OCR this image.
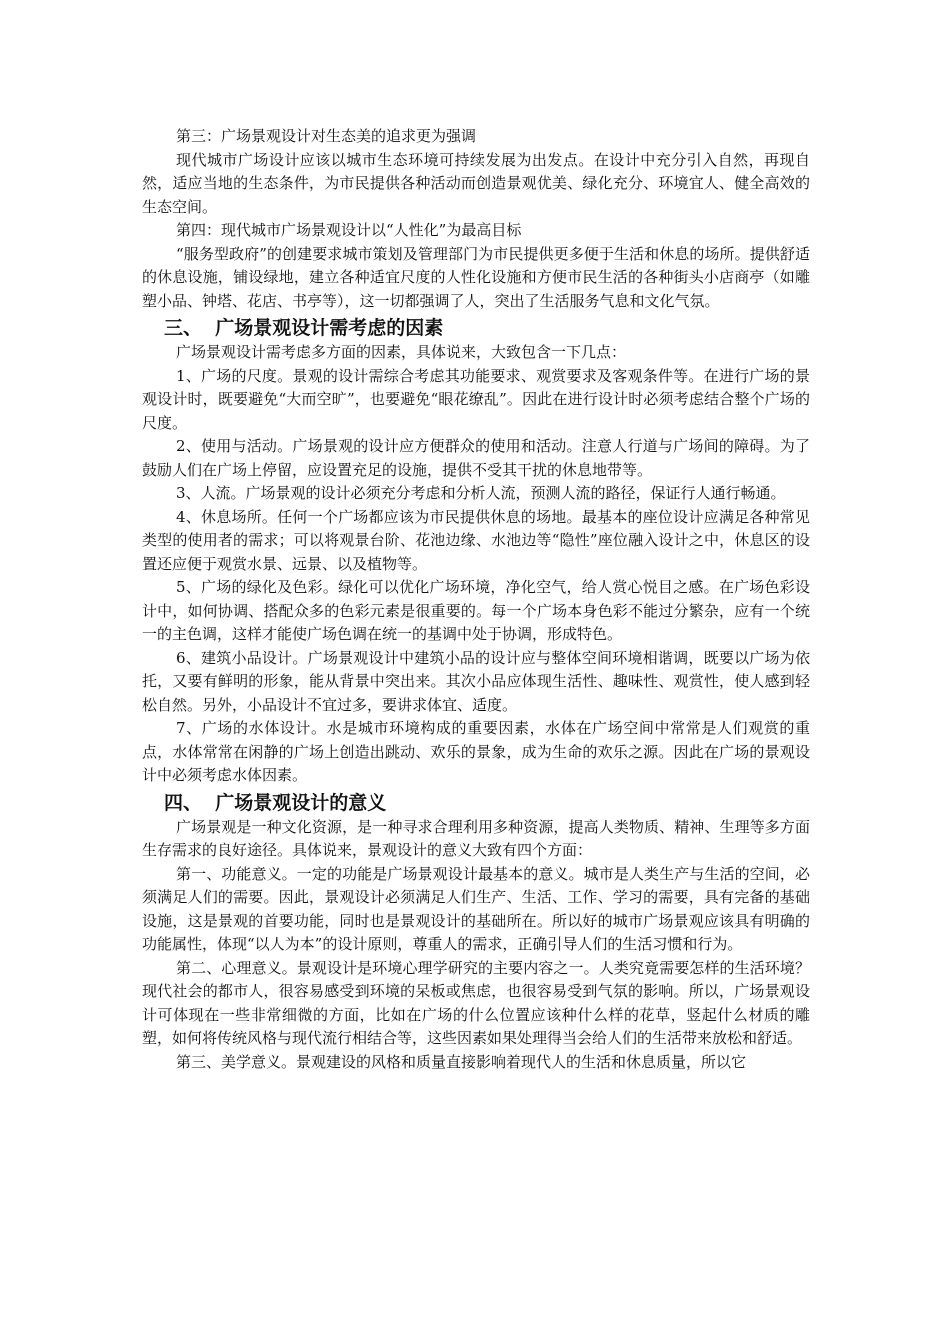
第三：广场景观设计对生态美的追求更为强调

现代城市广场设计应该以城市生态环境可持续发展为出发点。在设计中充分引入自然，再现自然，适应当地的生态条件，为市民提供各种活动而创造景观优美、绿化充分、环境宜人、健全高效的生态空间。

第四：现代城市广场景观设计以“人性化”为最高目标

“服务型政府”的创建要求城市策划及管理部门为市民提供更多便于生活和休息的场所。提供舒适的休息设施，铺设绿地，建立各种适宜尺度的人性化设施和方便市民生活的各种街头小店商亭（如雕塑小品、钟塔、花店、书亭等），这一切都强调了人，突出了生活服务气息和文化气氛。

三、  广场景观设计需考虑的因素

广场景观设计需考虑多方面的因素，具体说来，大致包含一下几点：

1、广场的尺度。景观的设计需综合考虑其功能要求、观赏要求及客观条件等。在进行广场的景观设计时，既要避免“大而空旷”，也要避免“眼花缭乱”。因此在进行设计时必须考虑结合整个广场的尺度。

2、使用与活动。广场景观的设计应方便群众的使用和活动。注意人行道与广场间的障碍。为了鼓励人们在广场上停留，应设置充足的设施，提供不受其干扰的休息地带等。

3、人流。广场景观的设计必须充分考虑和分析人流，预测人流的路径，保证行人通行畅通。

4、休息场所。任何一个广场都应该为市民提供休息的场地。最基本的座位设计应满足各种常见类型的使用者的需求；可以将观景台阶、花池边缘、水池边等“隐性”座位融入设计之中，休息区的设置还应便于观赏水景、远景、以及植物等。

5、广场的绿化及色彩。绿化可以优化广场环境，净化空气，给人赏心悦目之感。在广场色彩设计中，如何协调、搭配众多的色彩元素是很重要的。每一个广场本身色彩不能过分繁杂，应有一个统一的主色调，这样才能使广场色调在统一的基调中处于协调，形成特色。

6、建筑小品设计。广场景观设计中建筑小品的设计应与整体空间环境相谐调，既要以广场为依托，又要有鲜明的形象，能从背景中突出来。其次小品应体现生活性、趣味性、观赏性，使人感到轻松自然。另外，小品设计不宜过多，要讲求体宜、适度。

7、广场的水体设计。水是城市环境构成的重要因素，水体在广场空间中常常是人们观赏的重点，水体常常在闲静的广场上创造出跳动、欢乐的景象，成为生命的欢乐之源。因此在广场的景观设计中必须考虑水体因素。

四、  广场景观设计的意义

广场景观是一种文化资源，是一种寻求合理利用多种资源，提高人类物质、精神、生理等多方面生存需求的良好途径。具体说来，景观设计的意义大致有四个方面：

第一、功能意义。一定的功能是广场景观设计最基本的意义。城市是人类生产与生活的空间，必须满足人们的需要。因此，景观设计必须满足人们生产、生活、工作、学习的需要，具有完备的基础设施，这是景观的首要功能，同时也是景观设计的基础所在。所以好的城市广场景观应该具有明确的功能属性，体现“以人为本”的设计原则，尊重人的需求，正确引导人们的生活习惯和行为。

第二、心理意义。景观设计是环境心理学研究的主要内容之一。人类究竟需要怎样的生活环境？现代社会的都市人，很容易感受到环境的呆板或焦虑，也很容易受到气氛的影响。所以，广场景观设计可体现在一些非常细微的方面，比如在广场的什么位置应该种什么样的花草，竖起什么材质的雕塑，如何将传统风格与现代流行相结合等，这些因素如果处理得当会给人们的生活带来放松和舒适。

第三、美学意义。景观建设的风格和质量直接影响着现代人的生活和休息质量，所以它
